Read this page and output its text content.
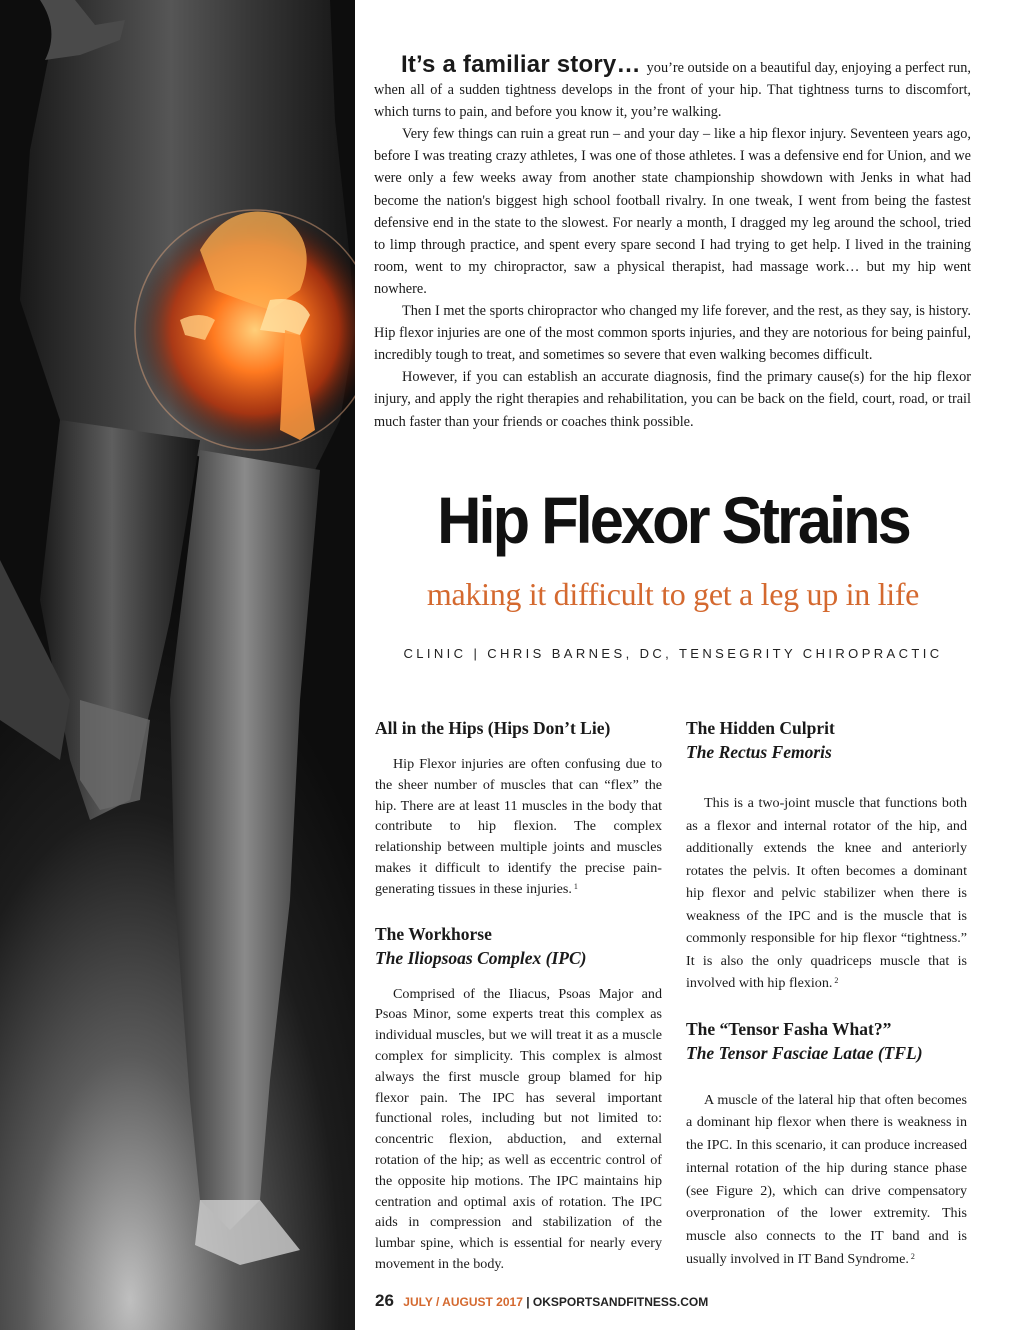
It’s a familiar story… you’re outside on a beautiful day, enjoying a perfect run, when all of a sudden tightness develops in the front of your hip. That tightness turns to discomfort, which turns to pain, and before you know it, you’re walking.

Very few things can ruin a great run – and your day – like a hip flexor injury. Seventeen years ago, before I was treating crazy athletes, I was one of those athletes. I was a defensive end for Union, and we were only a few weeks away from another state championship showdown with Jenks in what had become the nation's biggest high school football rivalry. In one tweak, I went from being the fastest defensive end in the state to the slowest. For nearly a month, I dragged my leg around the school, tried to limp through practice, and spent every spare second I had trying to get help. I lived in the training room, went to my chiropractor, saw a physical therapist, had massage work… but my hip went nowhere.

Then I met the sports chiropractor who changed my life forever, and the rest, as they say, is history. Hip flexor injuries are one of the most common sports injuries, and they are notorious for being painful, incredibly tough to treat, and sometimes so severe that even walking becomes difficult.

However, if you can establish an accurate diagnosis, find the primary cause(s) for the hip flexor injury, and apply the right therapies and rehabilitation, you can be back on the field, court, road, or trail much faster than your friends or coaches think possible.

Hip Flexor Strains
making it difficult to get a leg up in life
CLINIC | CHRIS BARNES, DC, TENSEGRITY CHIROPRACTIC
All in the Hips (Hips Don’t Lie)

Hip Flexor injuries are often confusing due to the sheer number of muscles that can “flex” the hip. There are at least 11 muscles in the body that contribute to hip flexion. The complex relationship between multiple joints and muscles makes it difficult to identify the precise pain-generating tissues in these injuries. $^1$

The Workhorse
The Iliopsoas Complex (IPC)

Comprised of the Iliacus, Psoas Major and Psoas Minor, some experts treat this complex as individual muscles, but we will treat it as a muscle complex for simplicity. This complex is almost always the first muscle group blamed for hip flexor pain. The IPC has several important functional roles, including but not limited to: concentric flexion, abduction, and external rotation of the hip; as well as eccentric control of the opposite hip motions. The IPC maintains hip centration and optimal axis of rotation. The IPC aids in compression and stabilization of the lumbar spine, which is essential for nearly every movement in the body.

The Hidden Culprit
The Rectus Femoris

This is a two-joint muscle that functions both as a flexor and internal rotator of the hip, and additionally extends the knee and anteriorly rotates the pelvis. It often becomes a dominant hip flexor and pelvic stabilizer when there is weakness of the IPC and is the muscle that is commonly responsible for hip flexor “tightness.” It is also the only quadriceps muscle that is involved with hip flexion. $^2$

The “Tensor Fasha What?”
The Tensor Fasciae Latae (TFL)

A muscle of the lateral hip that often becomes a dominant hip flexor when there is weakness in the IPC. In this scenario, it can produce increased internal rotation of the hip during stance phase (see Figure 2), which can drive compensatory overpronation of the lower extremity. This muscle also connects to the IT band and is usually involved in IT Band Syndrome. $^2$

26 JULY / AUGUST 2017 | OKSPORTSANDFITNESS.COM
